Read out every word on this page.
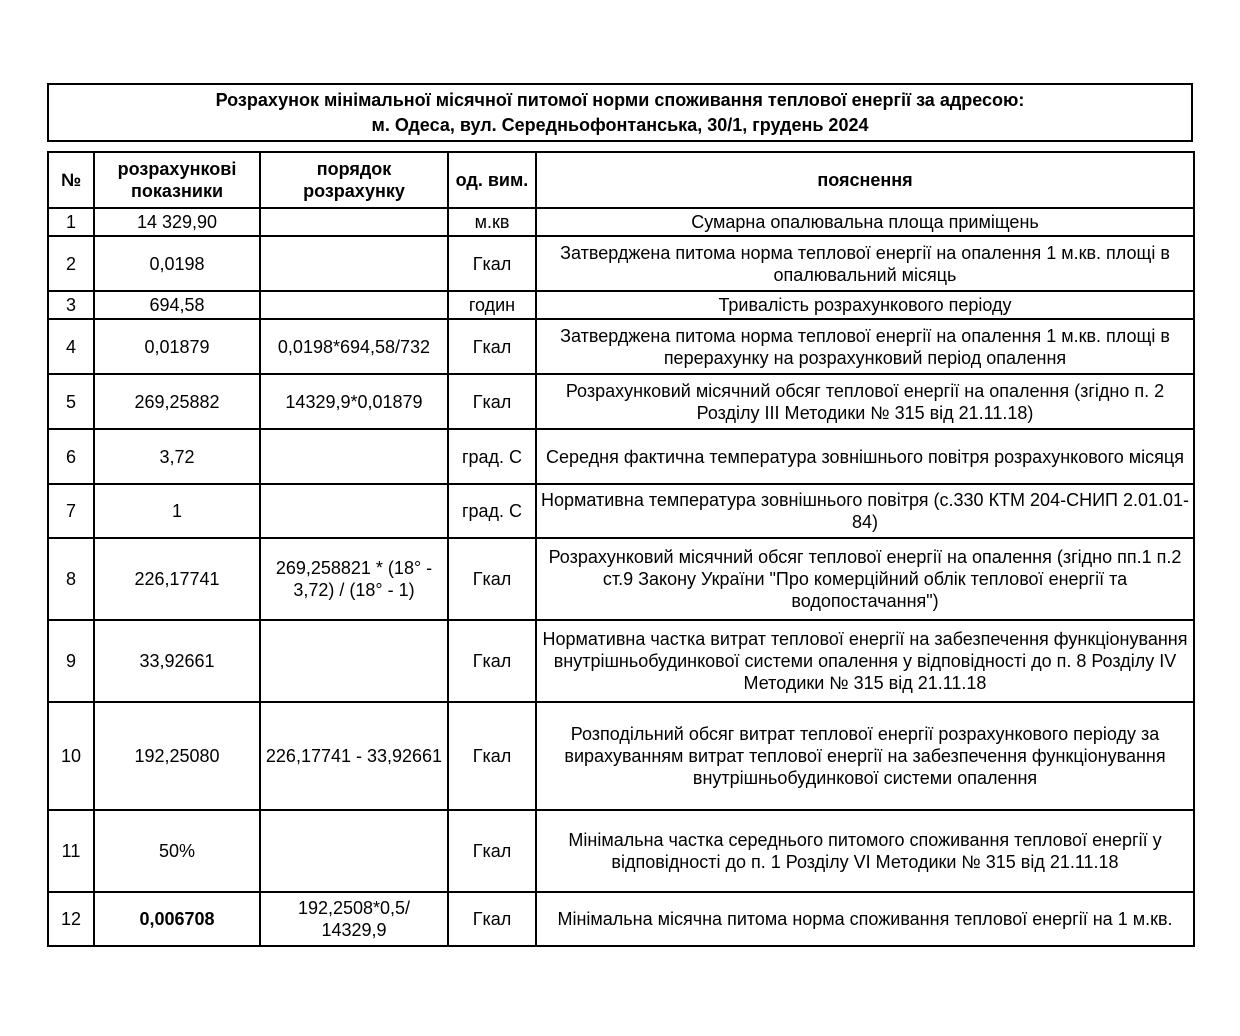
Розрахунок мінімальної місячної питомої норми споживання теплової енергії за адресою:
м. Одеса, вул. Середньофонтанська, 30/1, грудень 2024
№	розрахункові показники	порядок розрахунку	од. вим.	пояснення
1	14 329,90		м.кв	Сумарна опалювальна площа приміщень
2	0,0198		Гкал	Затверджена питома норма теплової енергії на опалення 1 м.кв. площі в опалювальний місяць
3	694,58		годин	Тривалість розрахункового періоду
4	0,01879	0,0198*694,58/732	Гкал	Затверджена питома норма теплової енергії на опалення 1 м.кв. площі в перерахунку на розрахунковий період опалення
5	269,25882	14329,9*0,01879	Гкал	Розрахунковий місячний обсяг теплової енергії на опалення (згідно п. 2 Розділу ІІІ Методики № 315 від 21.11.18)
6	3,72		град. С	Середня фактична температура зовнішнього повітря розрахункового місяця
7	1		град. С	Нормативна температура зовнішнього повітря (с.330 КТМ 204-СНИП 2.01.01-84)
8	226,17741	269,258821 * (18° - 3,72) / (18° - 1)	Гкал	Розрахунковий місячний обсяг теплової енергії на опалення (згідно пп.1 п.2 ст.9 Закону України "Про комерційний облік теплової енергії та водопостачання")
9	33,92661		Гкал	Нормативна частка витрат теплової енергії на забезпечення функціонування внутрішньобудинкової системи опалення у відповідності до п. 8 Розділу IV Методики № 315 від 21.11.18
10	192,25080	226,17741 - 33,92661	Гкал	Розподільний обсяг витрат теплової енергії розрахункового періоду за вирахуванням витрат теплової енергії на забезпечення функціонування внутрішньобудинкової системи опалення
11	50%		Гкал	Мінімальна частка середнього питомого споживання теплової енергії у відповідності до п. 1 Розділу VI Методики № 315 від 21.11.18
12	0,006708	192,2508*0,5/ 14329,9	Гкал	Мінімальна місячна питома норма споживання теплової енергії на 1 м.кв.
